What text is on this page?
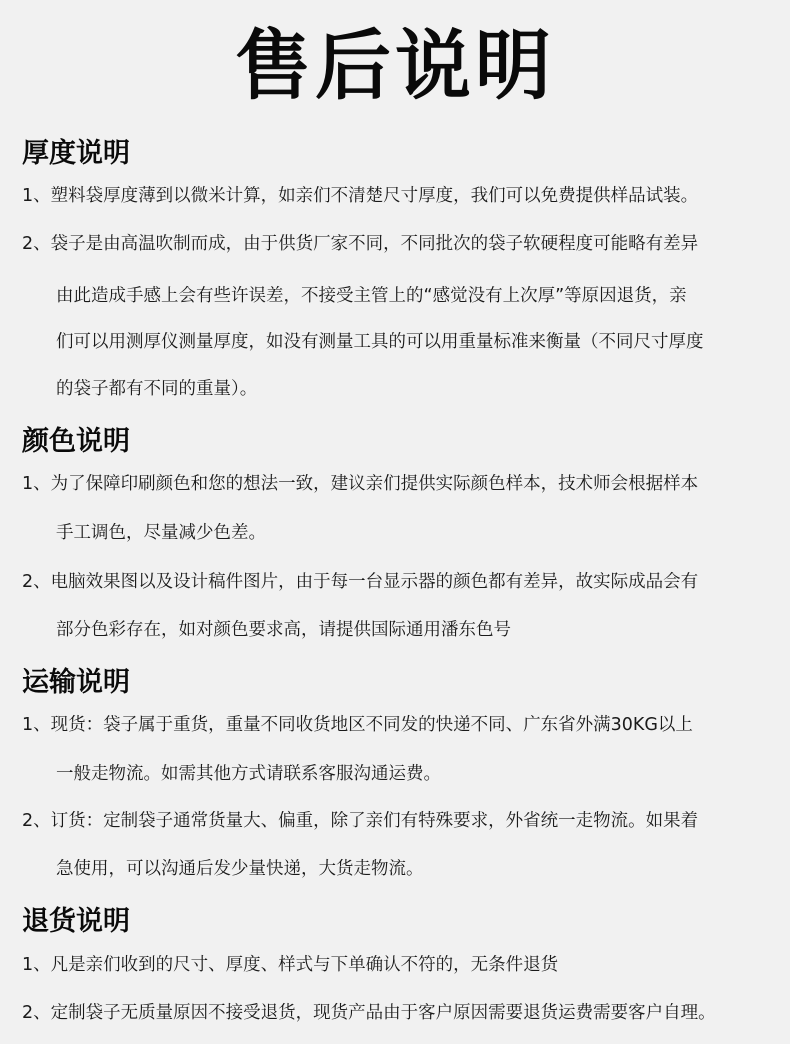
售后说明
厚度说明
1、塑料袋厚度薄到以微米计算，如亲们不清楚尺寸厚度，我们可以免费提供样品试装。
2、袋子是由高温吹制而成，由于供货厂家不同，不同批次的袋子软硬程度可能略有差异
由此造成手感上会有些许误差，不接受主管上的“感觉没有上次厚”等原因退货，亲
们可以用测厚仪测量厚度，如没有测量工具的可以用重量标准来衡量（不同尺寸厚度
的袋子都有不同的重量）。
颜色说明
1、为了保障印刷颜色和您的想法一致，建议亲们提供实际颜色样本，技术师会根据样本
手工调色，尽量减少色差。
2、电脑效果图以及设计稿件图片，由于每一台显示器的颜色都有差异，故实际成品会有
部分色彩存在，如对颜色要求高，请提供国际通用潘东色号
运输说明
1、现货：袋子属于重货，重量不同收货地区不同发的快递不同、广东省外满30KG以上
一般走物流。如需其他方式请联系客服沟通运费。
2、订货：定制袋子通常货量大、偏重，除了亲们有特殊要求，外省统一走物流。如果着
急使用，可以沟通后发少量快递，大货走物流。
退货说明
1、凡是亲们收到的尺寸、厚度、样式与下单确认不符的，无条件退货
2、定制袋子无质量原因不接受退货，现货产品由于客户原因需要退货运费需要客户自理。
